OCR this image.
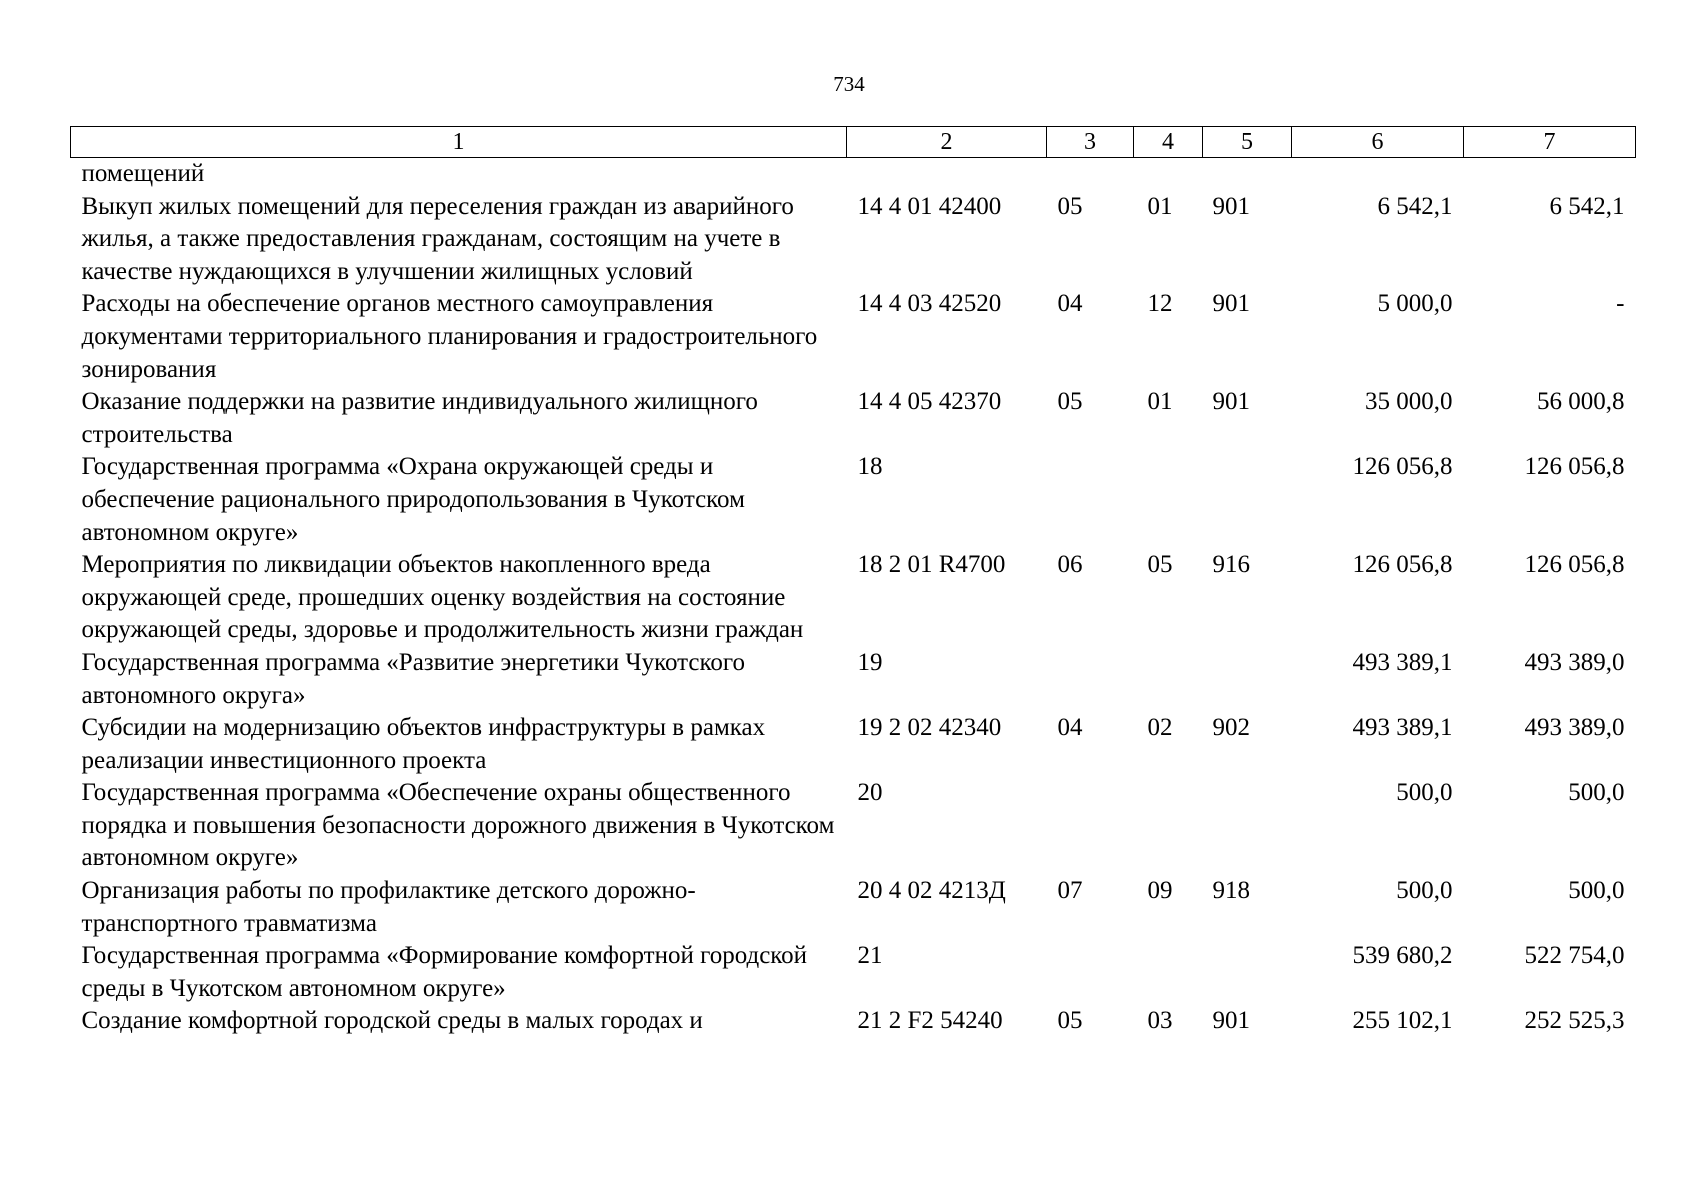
734
1	2	3	4	5	6	7
помещений						
Выкуп жилых помещений для переселения граждан из аварийного жилья, а также предоставления гражданам, состоящим на учете в качестве нуждающихся в улучшении жилищных условий	14 4 01 42400	05	01	901	6 542,1	6 542,1
Расходы на обеспечение органов местного самоуправления документами территориального планирования и градостроительного зонирования	14 4 03 42520	04	12	901	5 000,0	-
Оказание поддержки на развитие индивидуального жилищного строительства	14 4 05 42370	05	01	901	35 000,0	56 000,8
Государственная программа «Охрана окружающей среды и обеспечение рационального природопользования в Чукотском автономном округе»	18				126 056,8	126 056,8
Мероприятия по ликвидации объектов накопленного вреда окружающей среде, прошедших оценку воздействия на состояние окружающей среды, здоровье и продолжительность жизни граждан	18 2 01 R4700	06	05	916	126 056,8	126 056,8
Государственная программа «Развитие энергетики Чукотского автономного округа»	19				493 389,1	493 389,0
Субсидии на модернизацию объектов инфраструктуры в рамках реализации инвестиционного проекта	19 2 02 42340	04	02	902	493 389,1	493 389,0
Государственная программа «Обеспечение охраны общественного порядка и повышения безопасности дорожного движения в Чукотском автономном округе»	20				500,0	500,0
Организация работы по профилактике детского дорожно-транспортного травматизма	20 4 02 4213Д	07	09	918	500,0	500,0
Государственная программа «Формирование комфортной городской среды в Чукотском автономном округе»	21				539 680,2	522 754,0
Создание комфортной городской среды в малых городах и	21 2 F2 54240	05	03	901	255 102,1	252 525,3
